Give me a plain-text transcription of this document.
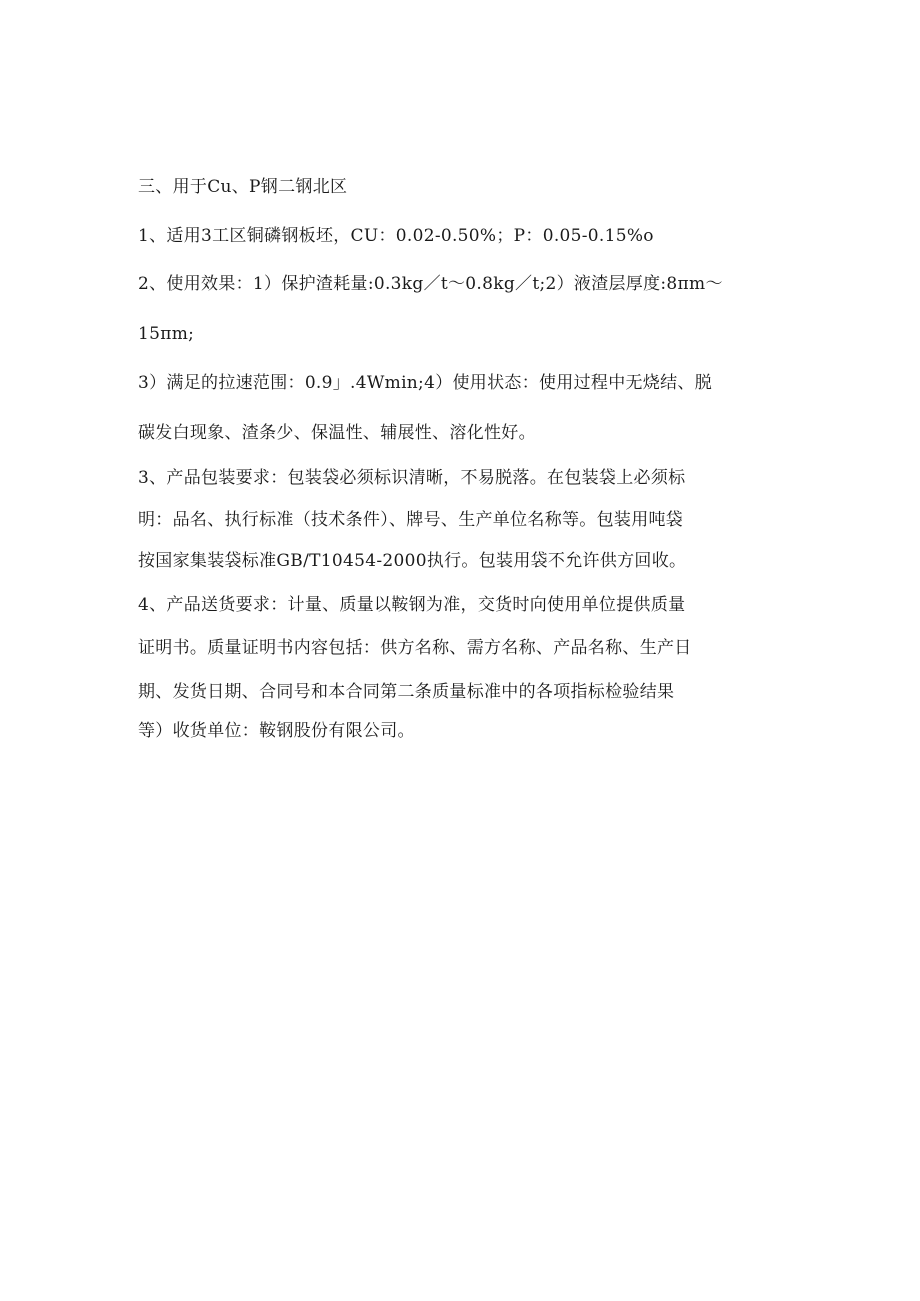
三、用于Cu、P钢二钢北区
1、适用3工区铜磷钢板坯，CU：0.02-0.50%；P：0.05-0.15%o
2、使用效果：1）保护渣耗量:0.3kg／t～0.8kg／t;2）液渣层厚度:8πm～
15πm;
3）满足的拉速范围：0.9」.4Wmin;4）使用状态：使用过程中无烧结、脱
碳发白现象、渣条少、保温性、辅展性、溶化性好。
3、产品包装要求：包装袋必须标识清晰，不易脱落。在包装袋上必须标
明：品名、执行标准（技术条件）、牌号、生产单位名称等。包装用吨袋
按国家集装袋标准GB/T10454-2000执行。包装用袋不允许供方回收。
4、产品送货要求：计量、质量以鞍钢为准，交货时向使用单位提供质量
证明书。质量证明书内容包括：供方名称、需方名称、产品名称、生产日
期、发货日期、合同号和本合同第二条质量标准中的各项指标检验结果
等）收货单位：鞍钢股份有限公司。
